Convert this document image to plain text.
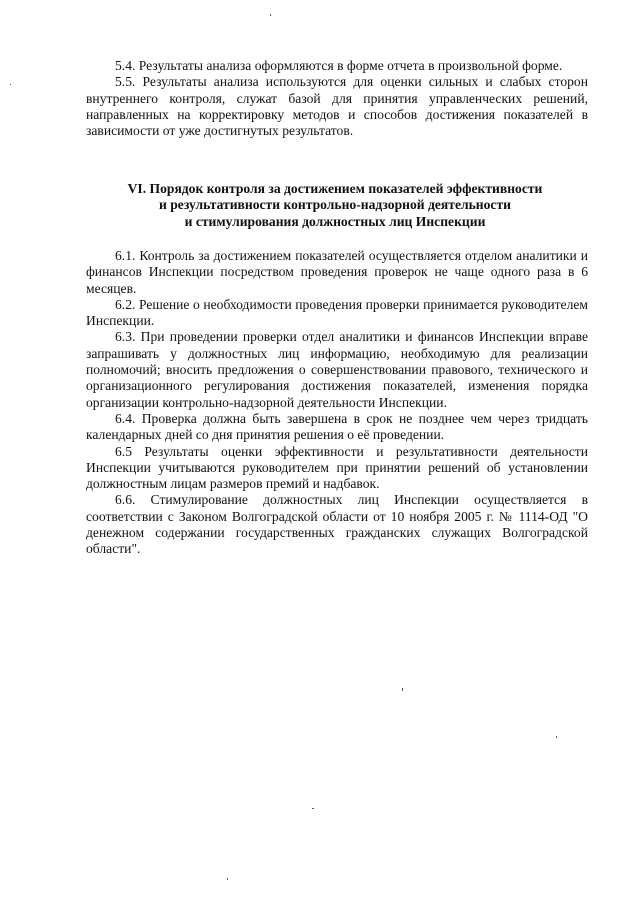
5.4. Результаты анализа оформляются в форме отчета в произвольной форме.

5.5. Результаты анализа используются для оценки сильных и слабых сторон внутреннего контроля, служат базой для принятия управленческих решений, направленных на корректировку методов и способов достижения показателей в зависимости от уже достигнутых результатов.

VI. Порядок контроля за достижением показателей эффективности
и результативности контрольно-надзорной деятельности
и стимулирования должностных лиц Инспекции

6.1. Контроль за достижением показателей осуществляется отделом аналитики и финансов Инспекции посредством проведения проверок не чаще одного раза в 6 месяцев.

6.2. Решение о необходимости проведения проверки принимается руководителем Инспекции.

6.3. При проведении проверки отдел аналитики и финансов Инспекции вправе запрашивать у должностных лиц информацию, необходимую для реализации полномочий; вносить предложения о совершенствовании правового, технического и организационного регулирования достижения показателей, изменения порядка организации контрольно-надзорной деятельности Инспекции.

6.4. Проверка должна быть завершена в срок не позднее чем через тридцать календарных дней со дня принятия решения о её проведении.

6.5 Результаты оценки эффективности и результативности деятельности Инспекции учитываются руководителем при принятии решений об установлении должностным лицам размеров премий и надбавок.

6.6. Стимулирование должностных лиц Инспекции осуществляется в соответствии с Законом Волгоградской области от 10 ноября 2005 г. № 1114-ОД "О денежном содержании государственных гражданских служащих Волгоградской области".
